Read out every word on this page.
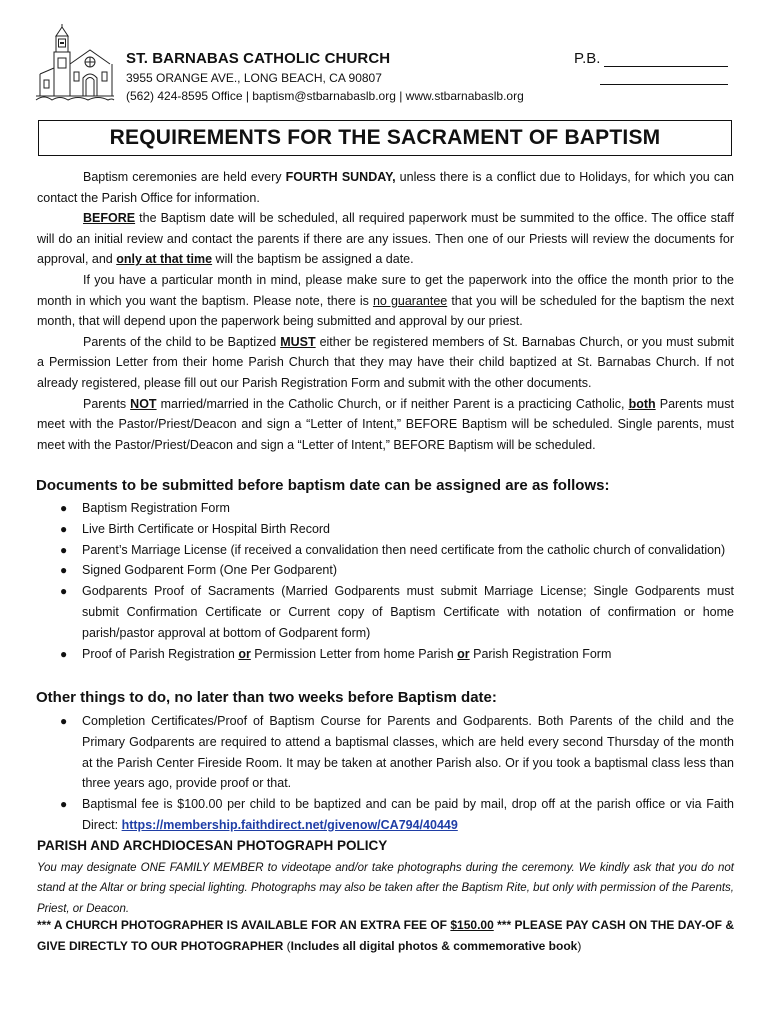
ST. BARNABAS CATHOLIC CHURCH
3955 ORANGE AVE., LONG BEACH, CA 90807
(562) 424-8595 Office | baptism@stbarnabaslb.org | www.stbarnabaslb.org
P.B.
REQUIREMENTS FOR THE SACRAMENT OF BAPTISM

Baptism ceremonies are held every FOURTH SUNDAY, unless there is a conflict due to Holidays, for which you can contact the Parish Office for information.

BEFORE the Baptism date will be scheduled, all required paperwork must be summited to the office. The office staff will do an initial review and contact the parents if there are any issues. Then one of our Priests will review the documents for approval, and only at that time will the baptism be assigned a date.

If you have a particular month in mind, please make sure to get the paperwork into the office the month prior to the month in which you want the baptism. Please note, there is no guarantee that you will be scheduled for the baptism the next month, that will depend upon the paperwork being submitted and approval by our priest.

Parents of the child to be Baptized MUST either be registered members of St. Barnabas Church, or you must submit a Permission Letter from their home Parish Church that they may have their child baptized at St. Barnabas Church. If not already registered, please fill out our Parish Registration Form and submit with the other documents.

Parents NOT married/married in the Catholic Church, or if neither Parent is a practicing Catholic, both Parents must meet with the Pastor/Priest/Deacon and sign a “Letter of Intent,” BEFORE Baptism will be scheduled. Single parents, must meet with the Pastor/Priest/Deacon and sign a “Letter of Intent,” BEFORE Baptism will be scheduled.

Documents to be submitted before baptism date can be assigned are as follows:
● Baptism Registration Form
● Live Birth Certificate or Hospital Birth Record
● Parent’s Marriage License (if received a convalidation then need certificate from the catholic church of convalidation)
● Signed Godparent Form (One Per Godparent)
● Godparents Proof of Sacraments (Married Godparents must submit Marriage License; Single Godparents must submit Confirmation Certificate or Current copy of Baptism Certificate with notation of confirmation or home parish/pastor approval at bottom of Godparent form)
● Proof of Parish Registration or Permission Letter from home Parish or Parish Registration Form
Other things to do, no later than two weeks before Baptism date:
● Completion Certificates/Proof of Baptism Course for Parents and Godparents. Both Parents of the child and the Primary Godparents are required to attend a baptismal classes, which are held every second Thursday of the month at the Parish Center Fireside Room. It may be taken at another Parish also. Or if you took a baptismal class less than three years ago, provide proof or that.
● Baptismal fee is $100.00 per child to be baptized and can be paid by mail, drop off at the parish office or via Faith Direct: https://membership.faithdirect.net/givenow/CA794/40449
PARISH AND ARCHDIOCESAN PHOTOGRAPH POLICY
You may designate ONE FAMILY MEMBER to videotape and/or take photographs during the ceremony. We kindly ask that you do not stand at the Altar or bring special lighting. Photographs may also be taken after the Baptism Rite, but only with permission of the Parents, Priest, or Deacon.
*** A CHURCH PHOTOGRAPHER IS AVAILABLE FOR AN EXTRA FEE OF $150.00 *** PLEASE PAY CASH ON THE DAY-OF & GIVE DIRECTLY TO OUR PHOTOGRAPHER (Includes all digital photos & commemorative book)
